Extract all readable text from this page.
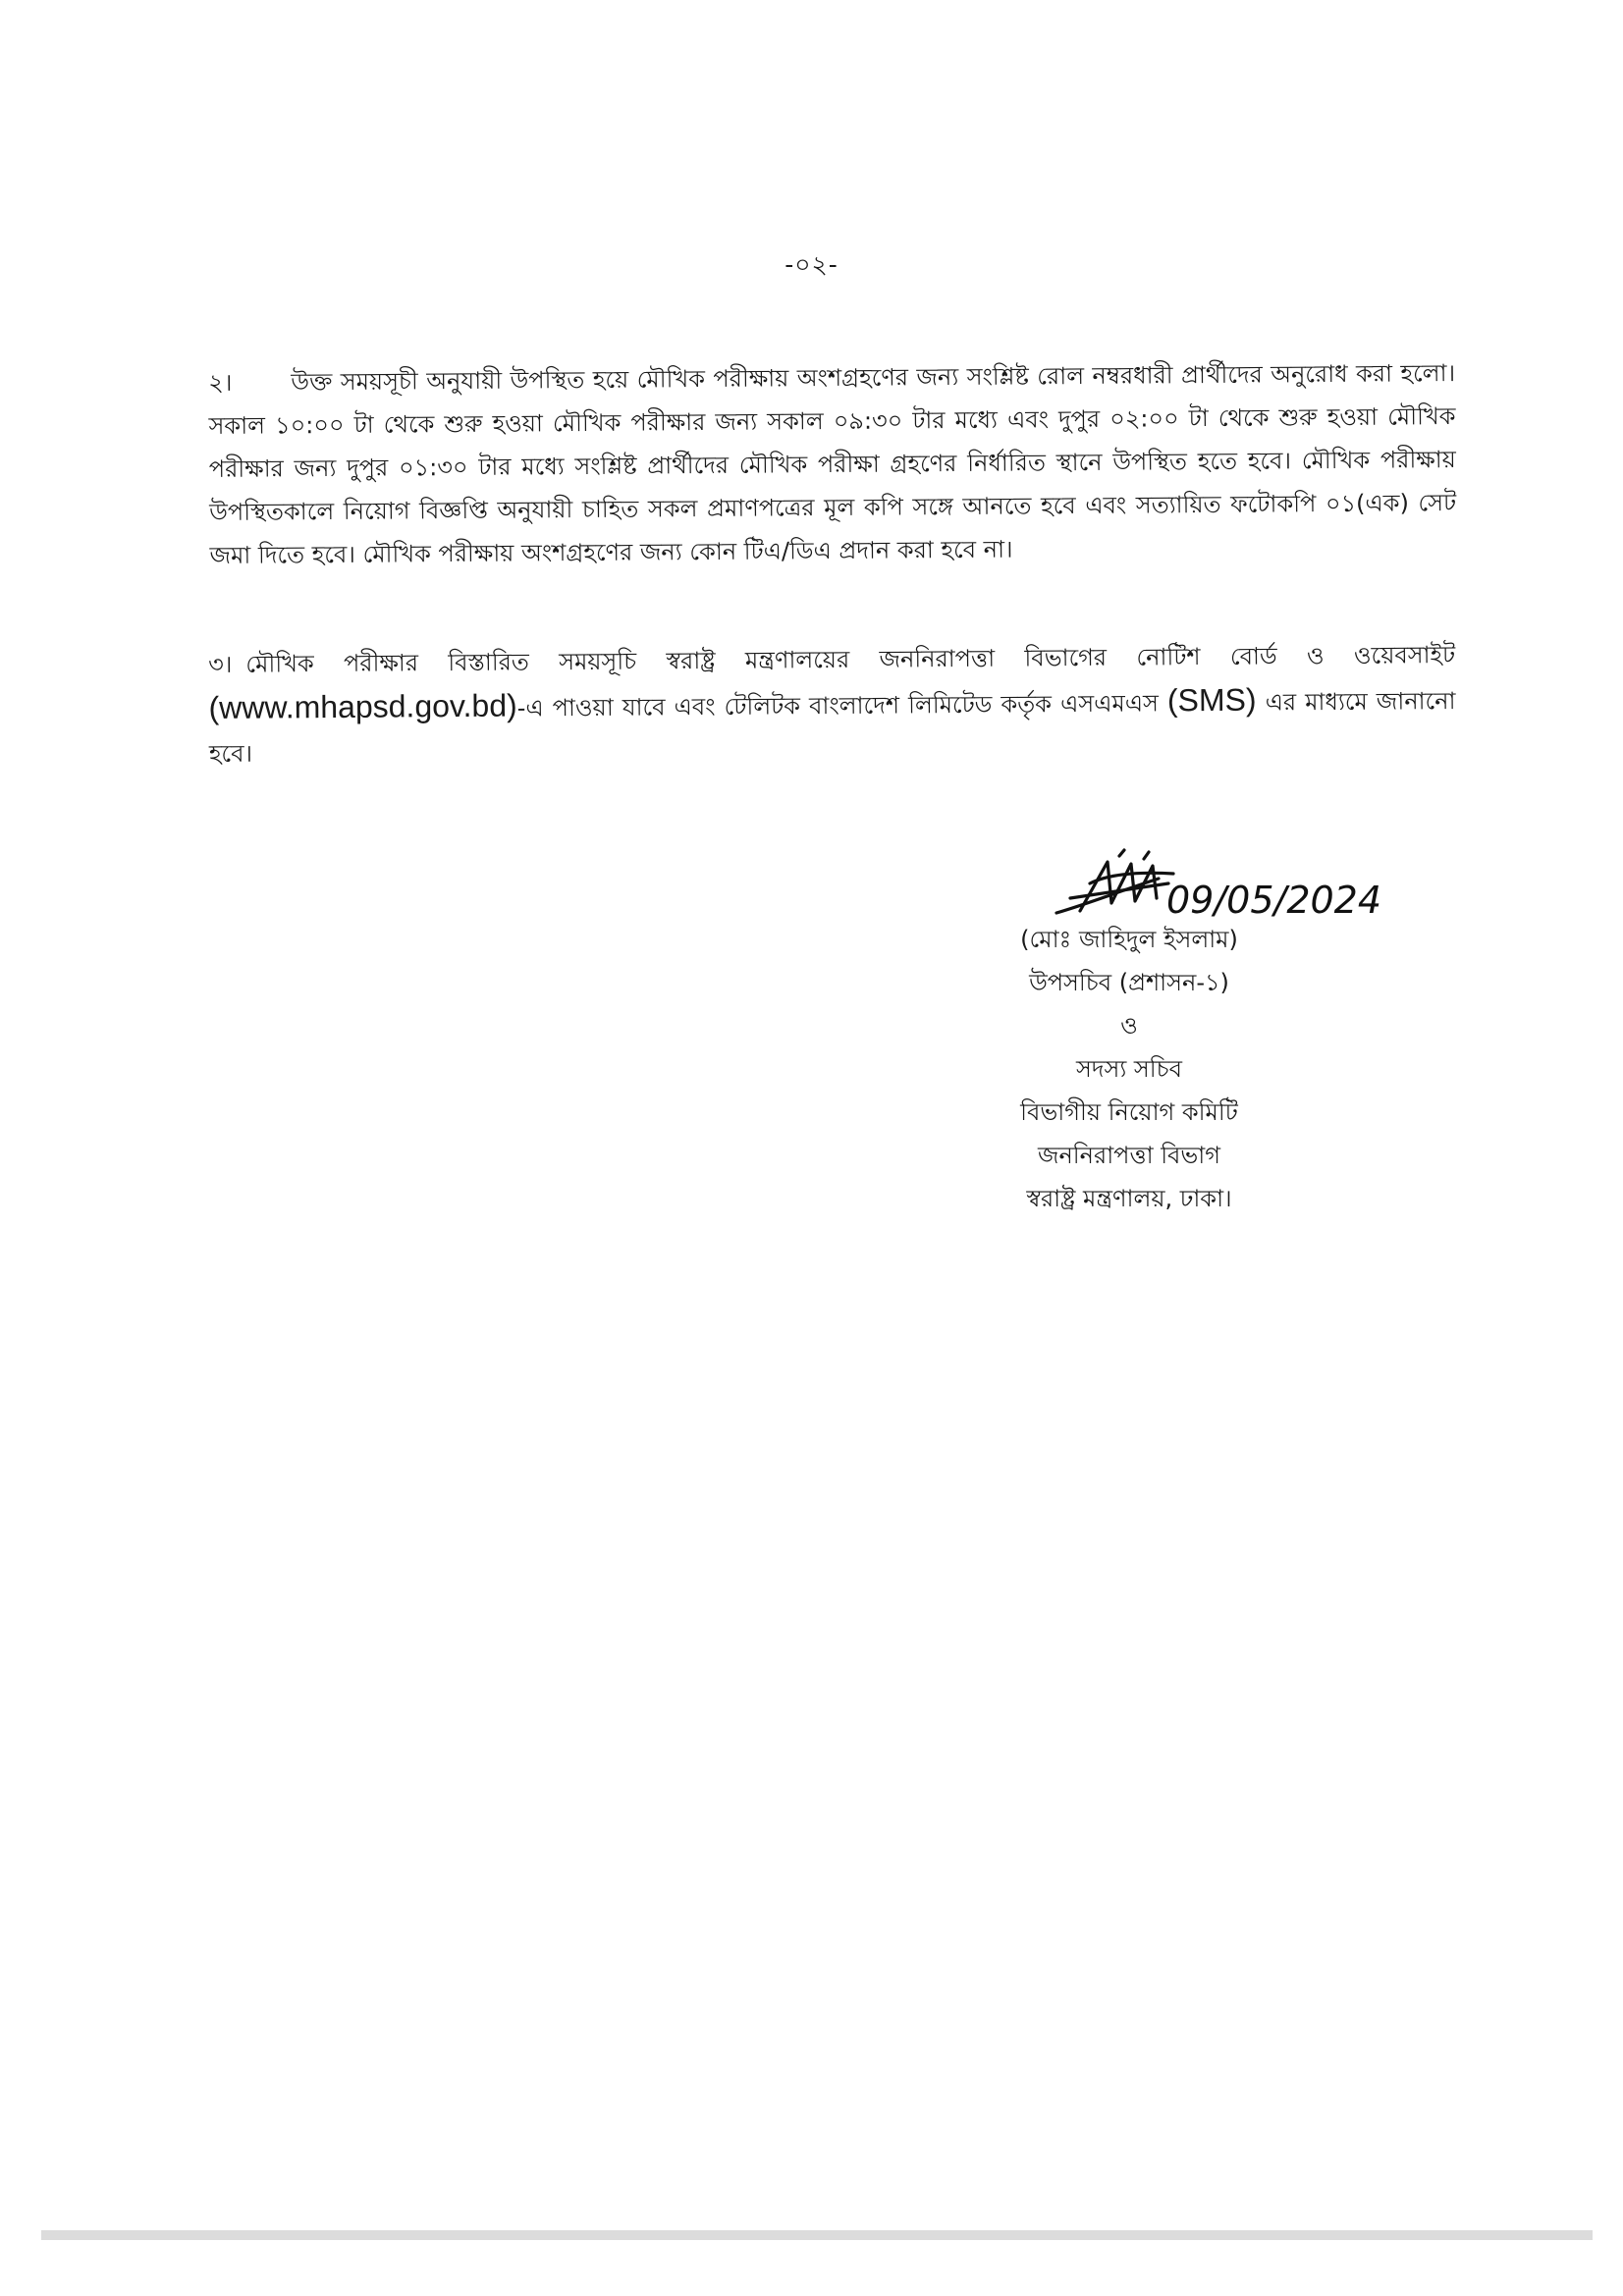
-০২-
২। উক্ত সময়সূচী অনুযায়ী উপস্থিত হয়ে মৌখিক পরীক্ষায় অংশগ্রহণের জন্য সংশ্লিষ্ট রোল নম্বরধারী প্রার্থীদের অনুরোধ করা হলো। সকাল ১০:০০ টা থেকে শুরু হওয়া মৌখিক পরীক্ষার জন্য সকাল ০৯:৩০ টার মধ্যে এবং দুপুর ০২:০০ টা থেকে শুরু হওয়া মৌখিক পরীক্ষার জন্য দুপুর ০১:৩০ টার মধ্যে সংশ্লিষ্ট প্রার্থীদের মৌখিক পরীক্ষা গ্রহণের নির্ধারিত স্থানে উপস্থিত হতে হবে। মৌখিক পরীক্ষায় উপস্থিতকালে নিয়োগ বিজ্ঞপ্তি অনুযায়ী চাহিত সকল প্রমাণপত্রের মূল কপি সঙ্গে আনতে হবে এবং সত্যায়িত ফটোকপি ০১(এক) সেট জমা দিতে হবে। মৌখিক পরীক্ষায় অংশগ্রহণের জন্য কোন টিএ/ডিএ প্রদান করা হবে না।
৩। মৌখিক পরীক্ষার বিস্তারিত সময়সূচি স্বরাষ্ট্র মন্ত্রণালয়ের জননিরাপত্তা বিভাগের নোটিশ বোর্ড ও ওয়েবসাইট (www.mhapsd.gov.bd)-এ পাওয়া যাবে এবং টেলিটক বাংলাদেশ লিমিটেড কর্তৃক এসএমএস (SMS) এর মাধ্যমে জানানো হবে।
09/05/2024
(মোঃ জাহিদুল ইসলাম)
উপসচিব (প্রশাসন-১)
ও
সদস্য সচিব
বিভাগীয় নিয়োগ কমিটি
জননিরাপত্তা বিভাগ
স্বরাষ্ট্র মন্ত্রণালয়, ঢাকা।
